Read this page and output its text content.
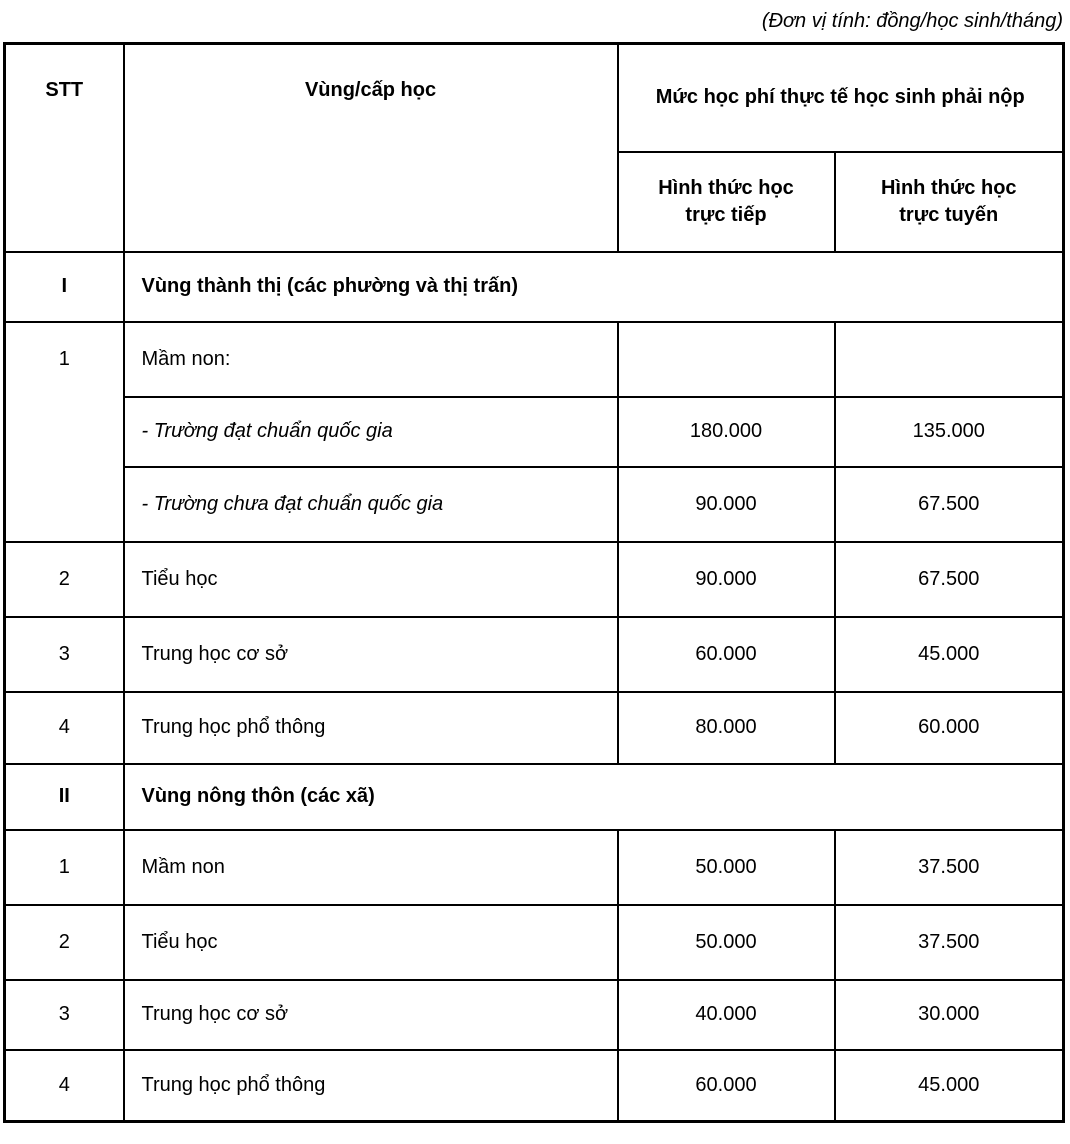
(Đơn vị tính: đồng/học sinh/tháng)
STT	Vùng/cấp học	Mức học phí thực tế học sinh phải nộp	
		Hình thức học trực tiếp	Hình thức học trực tuyến
I	Vùng thành thị (các phường và thị trấn)		
1	Mầm non:		
	- Trường đạt chuẩn quốc gia	180.000	135.000
	- Trường chưa đạt chuẩn quốc gia	90.000	67.500
2	Tiểu học	90.000	67.500
3	Trung học cơ sở	60.000	45.000
4	Trung học phổ thông	80.000	60.000
II	Vùng nông thôn (các xã)		
1	Mầm non	50.000	37.500
2	Tiểu học	50.000	37.500
3	Trung học cơ sở	40.000	30.000
4	Trung học phổ thông	60.000	45.000
